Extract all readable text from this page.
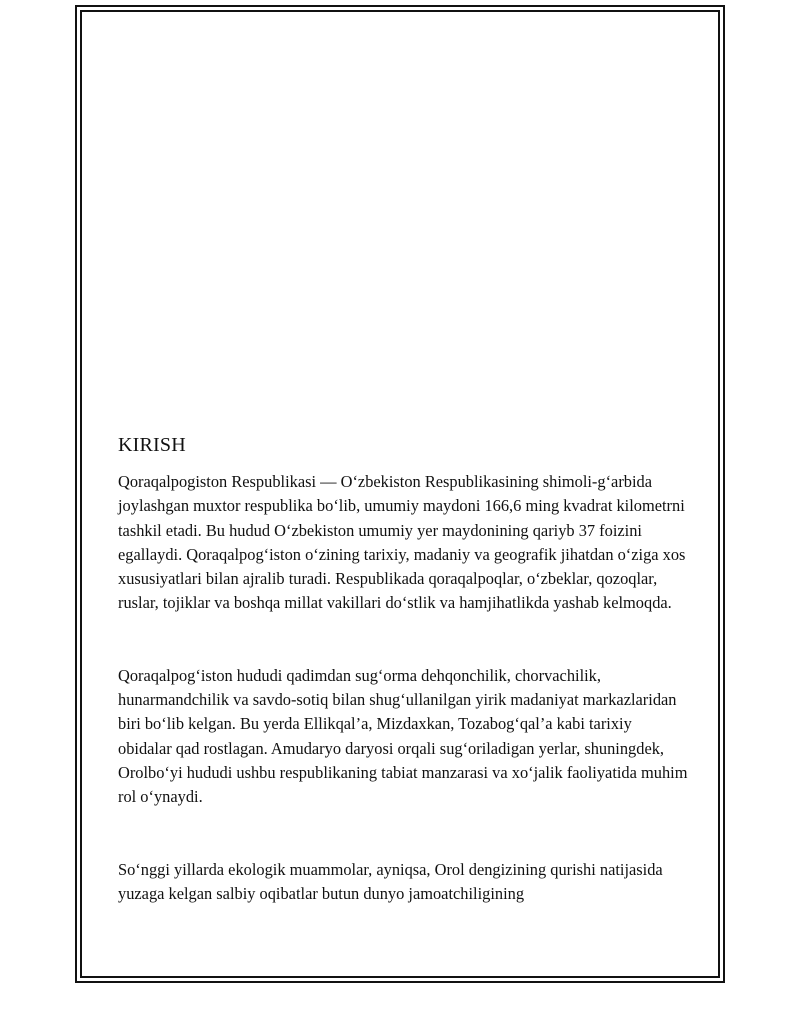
KIRISH

Qoraqalpogiston Respublikasi — O‘zbekiston Respublikasining shimoli-g‘arbida joylashgan muxtor respublika bo‘lib, umumiy maydoni 166,6 ming kvadrat kilometrni tashkil etadi. Bu hudud O‘zbekiston umumiy yer maydonining qariyb 37 foizini egallaydi. Qoraqalpog‘iston o‘zining tarixiy, madaniy va geografik jihatdan o‘ziga xos xususiyatlari bilan ajralib turadi. Respublikada qoraqalpoqlar, o‘zbeklar, qozoqlar, ruslar, tojiklar va boshqa millat vakillari do‘stlik va hamjihatlikda yashab kelmoqda.

Qoraqalpog‘iston hududi qadimdan sug‘orma dehqonchilik, chorvachilik, hunarmandchilik va savdo-sotiq bilan shug‘ullanilgan yirik madaniyat markazlaridan biri bo‘lib kelgan. Bu yerda Ellikqal’a, Mizdaxkan, Tozabog‘qal’a kabi tarixiy obidalar qad rostlagan. Amudaryo daryosi orqali sug‘oriladigan yerlar, shuningdek, Orolbo‘yi hududi ushbu respublikaning tabiat manzarasi va xo‘jalik faoliyatida muhim rol o‘ynaydi.

So‘nggi yillarda ekologik muammolar, ayniqsa, Orol dengizining qurishi natijasida yuzaga kelgan salbiy oqibatlar butun dunyo jamoatchiligining
